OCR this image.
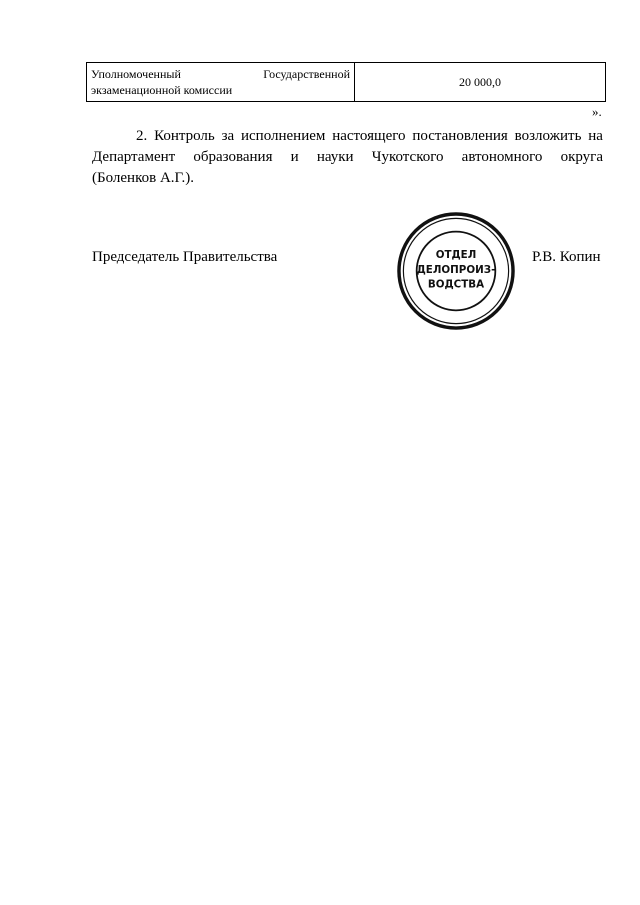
Уполномоченный	Государственной
экзаменационной комиссии
20 000,0
».
2. Контроль за исполнением настоящего постановления возложить на
Департамент образования и науки Чукотского автономного округа
(Боленков А.Г.).
Председатель Правительства	ОТДЕЛ
ДЕЛОПРОИЗ-
ВОДСТВА
Р.В. Копин
